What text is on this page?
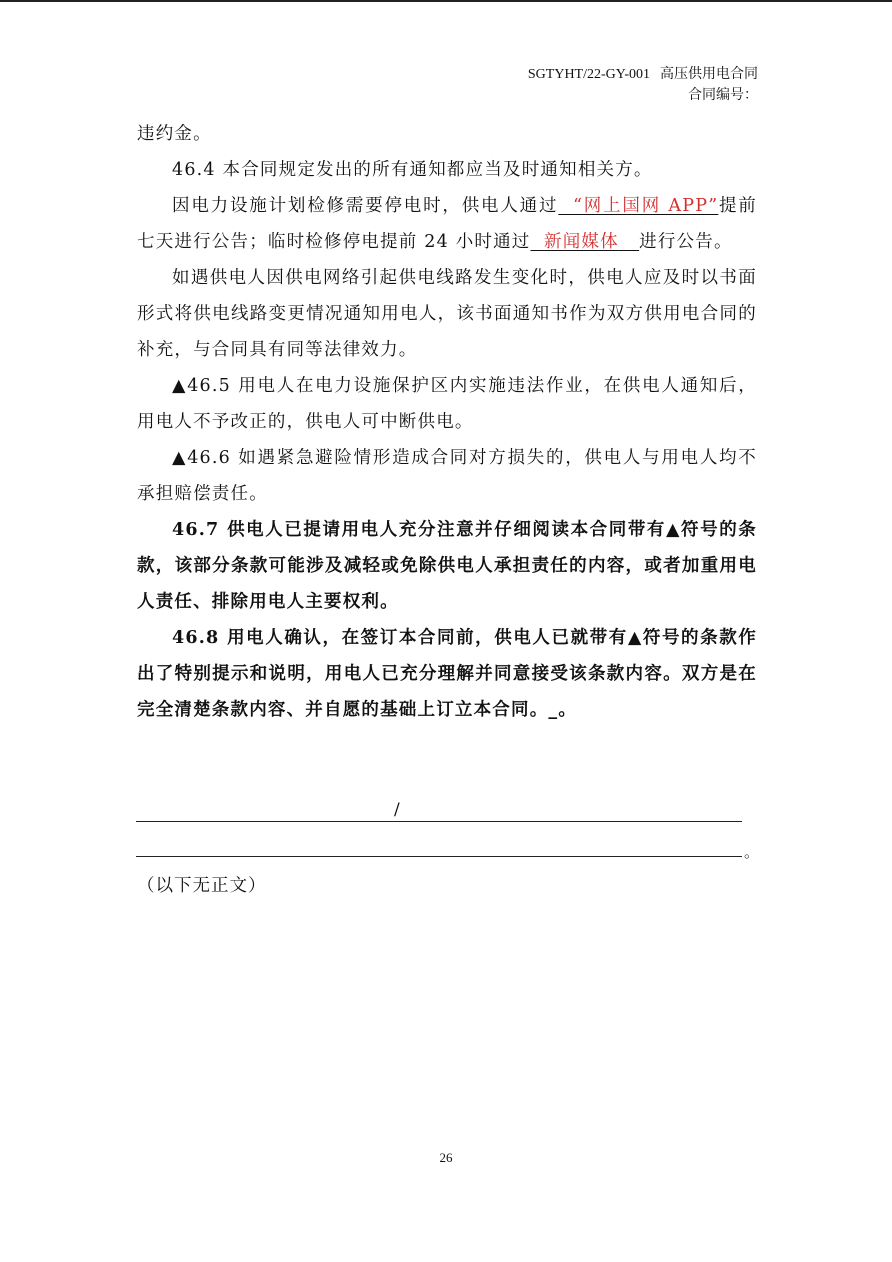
SGTYHT/22-GY-001 高压供用电合同
合同编号：

违约金。

46.4 本合同规定发出的所有通知都应当及时通知相关方。

因电力设施计划检修需要停电时，供电人通过 “网上国网 APP”提前七天进行公告；临时检修停电提前 24 小时通过 新闻媒体 进行公告。

如遇供电人因供电网络引起供电线路发生变化时，供电人应及时以书面形式将供电线路变更情况通知用电人，该书面通知书作为双方供用电合同的补充，与合同具有同等法律效力。

▲46.5 用电人在电力设施保护区内实施违法作业，在供电人通知后，用电人不予改正的，供电人可中断供电。

▲46.6 如遇紧急避险情形造成合同对方损失的，供电人与用电人均不承担赔偿责任。

46.7 供电人已提请用电人充分注意并仔细阅读本合同带有▲符号的条款，该部分条款可能涉及减轻或免除供电人承担责任的内容，或者加重用电人责任、排除用电人主要权利。

46.8 用电人确认，在签订本合同前，供电人已就带有▲符号的条款作出了特别提示和说明，用电人已充分理解并同意接受该条款内容。双方是在完全清楚条款内容、并自愿的基础上订立本合同。_。

/
。
（以下无正文）
26
